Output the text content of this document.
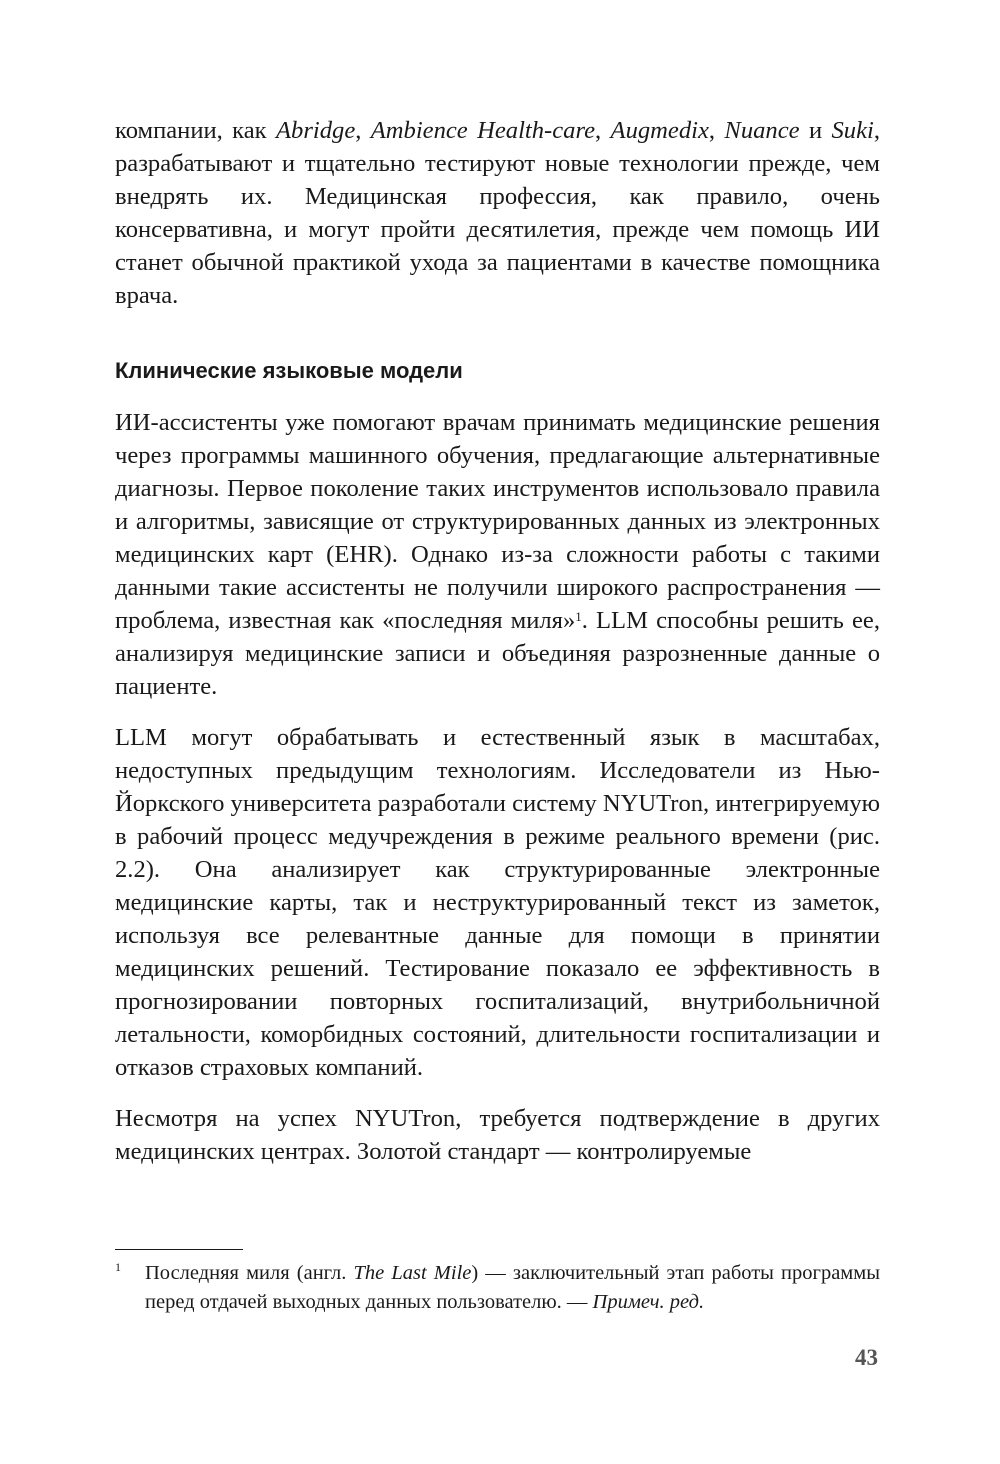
компании, как Abridge, Ambience Health-care, Augmedix, Nuance и Suki, разрабатывают и тщательно тестируют новые технологии прежде, чем внедрять их. Медицинская профессия, как правило, очень консервативна, и могут пройти десятилетия, прежде чем помощь ИИ станет обычной практикой ухода за пациентами в качестве помощника врача.

Клинические языковые модели

ИИ-ассистенты уже помогают врачам принимать медицинские решения через программы машинного обучения, предлагающие альтернативные диагнозы. Первое поколение таких инструментов использовало правила и алгоритмы, зависящие от структурированных данных из электронных медицинских карт (EHR). Однако из-за сложности работы с такими данными такие ассистенты не получили широкого распространения — проблема, известная как «последняя миля»$^1$. LLM способны решить ее, анализируя медицинские записи и объединяя разрозненные данные о пациенте.

LLM могут обрабатывать и естественный язык в масштабах, недоступных предыдущим технологиям. Исследователи из Нью-Йоркского университета разработали систему NYUTron, интегрируемую в рабочий процесс медучреждения в режиме реального времени (рис. 2.2). Она анализирует как структурированные электронные медицинские карты, так и неструктурированный текст из заметок, используя все релевантные данные для помощи в принятии медицинских решений. Тестирование показало ее эффективность в прогнозировании повторных госпитализаций, внутрибольничной летальности, коморбидных состояний, длительности госпитализации и отказов страховых компаний.

Несмотря на успех NYUTron, требуется подтверждение в других медицинских центрах. Золотой стандарт — контролируемые

1 Последняя миля (англ. The Last Mile) — заключительный этап работы программы перед отдачей выходных данных пользователю. — Примеч. ред.
43
